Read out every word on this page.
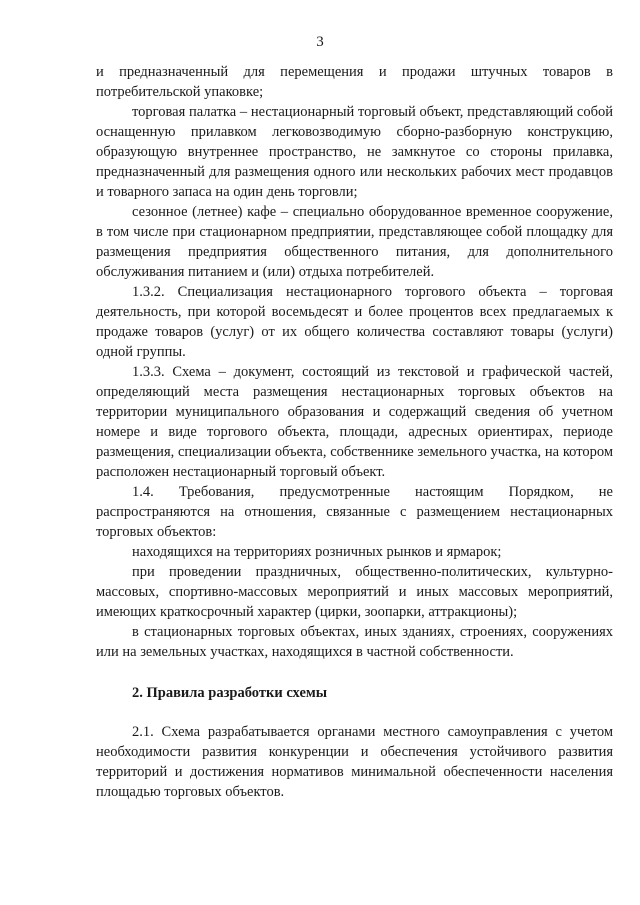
3

и предназначенный для перемещения и продажи штучных товаров в потребительской упаковке;

торговая палатка – нестационарный торговый объект, представляющий собой оснащенную прилавком легковозводимую сборно-разборную конструкцию, образующую внутреннее пространство, не замкнутое со стороны прилавка, предназначенный для размещения одного или нескольких рабочих мест продавцов и товарного запаса на один день торговли;

сезонное (летнее) кафе – специально оборудованное временное сооружение, в том числе при стационарном предприятии, представляющее собой площадку для размещения предприятия общественного питания, для дополнительного обслуживания питанием и (или) отдыха потребителей.

1.3.2. Специализация нестационарного торгового объекта – торговая деятельность, при которой восемьдесят и более процентов всех предлагаемых к продаже товаров (услуг) от их общего количества составляют товары (услуги) одной группы.

1.3.3. Схема – документ, состоящий из текстовой и графической частей, определяющий места размещения нестационарных торговых объектов на территории муниципального образования и содержащий сведения об учетном номере и виде торгового объекта, площади, адресных ориентирах, периоде размещения, специализации объекта, собственнике земельного участка, на котором расположен нестационарный торговый объект.

1.4. Требования, предусмотренные настоящим Порядком, не распространяются на отношения, связанные с размещением нестационарных торговых объектов:

находящихся на территориях розничных рынков и ярмарок;

при проведении праздничных, общественно-политических, культурно-массовых, спортивно-массовых мероприятий и иных массовых мероприятий, имеющих краткосрочный характер (цирки, зоопарки, аттракционы);

в стационарных торговых объектах, иных зданиях, строениях, сооружениях или на земельных участках, находящихся в частной собственности.

2. Правила разработки схемы

2.1. Схема разрабатывается органами местного самоуправления с учетом необходимости развития конкуренции и обеспечения устойчивого развития территорий и достижения нормативов минимальной обеспеченности населения площадью торговых объектов.
